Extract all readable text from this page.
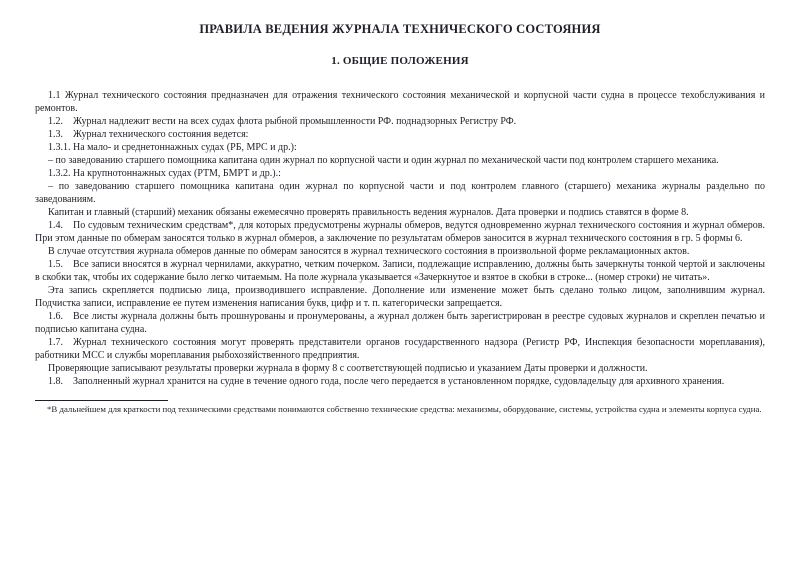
ПРАВИЛА ВЕДЕНИЯ ЖУРНАЛА ТЕХНИЧЕСКОГО СОСТОЯНИЯ
1. ОБЩИЕ ПОЛОЖЕНИЯ

1.1 Журнал технического состояния предназначен для отражения технического состояния механической и корпусной части судна в процессе техобслуживания и ремонтов.

1.2.  Журнал надлежит вести на всех судах флота рыбной промышленности РФ. поднадзорных Регистру РФ.

1.3.  Журнал технического состояния ведется:

1.3.1. На мало- и среднетоннажных судах (РБ, МРС и др.):

– по заведованию старшего помощника капитана один журнал по корпусной части и один журнал по механической части под контролем старшего механика.

1.3.2. На крупнотоннажных судах (РТМ, БМРТ и др.).:

– по заведованию старшего помощника капитана один журнал по корпусной части и под контролем главного (старшего) механика журналы раздельно по заведованиям.

Капитан и главный (старший) механик обязаны ежемесячно проверять правильность ведения журналов. Дата проверки и подпись ставятся в форме 8.

1.4.  По судовым техническим средствам*, для которых предусмотрены журналы обмеров, ведутся одновременно журнал технического состояния и журнал обмеров. При этом данные по обмерам заносятся только в журнал обмеров, а заключение по результатам обмеров заносится в журнал технического состояния в гр. 5 формы 6.

В случае отсутствия журнала обмеров данные по обмерам заносятся в журнал технического состояния в произвольной форме рекламационных актов.

1.5.  Все записи вносятся в журнал чернилами, аккуратно, четким почерком. Записи, подлежащие исправлению, должны быть зачеркнуты тонкой чертой и заключены в скобки так, чтобы их содержание было легко читаемым. На поле журнала указывается «Зачеркнутое и взятое в скобки в строке... (номер строки) не читать».

Эта запись скрепляется подписью лица, производившего исправление. Дополнение или изменение может быть сделано только лицом, заполнившим журнал. Подчистка записи, исправление ее путем изменения написания букв, цифр и т. п. категорически запрещается.

1.6.  Все листы журнала должны быть прошнурованы и пронумерованы, а журнал должен быть зарегистрирован в реестре судовых журналов и скреплен печатью и подписью капитана судна.

1.7.  Журнал технического состояния могут проверять представители органов государственного надзора (Регистр РФ, Инспекция безопасности мореплавания), работники МСС и службы мореплавания рыбохозяйственного предприятия.

Проверяющие записывают результаты проверки журнала в форму 8 с соответствующей подписью и указанием Даты проверки и должности.

1.8.  Заполненный журнал хранится на судне в течение одного года, после чего передается в установленном порядке, судовладельцу для архивного хранения.

*В дальнейшем для краткости под техническими средствами понимаются собственно технические средства: механизмы, оборудование, системы, устройства судна и элементы корпуса судна.
